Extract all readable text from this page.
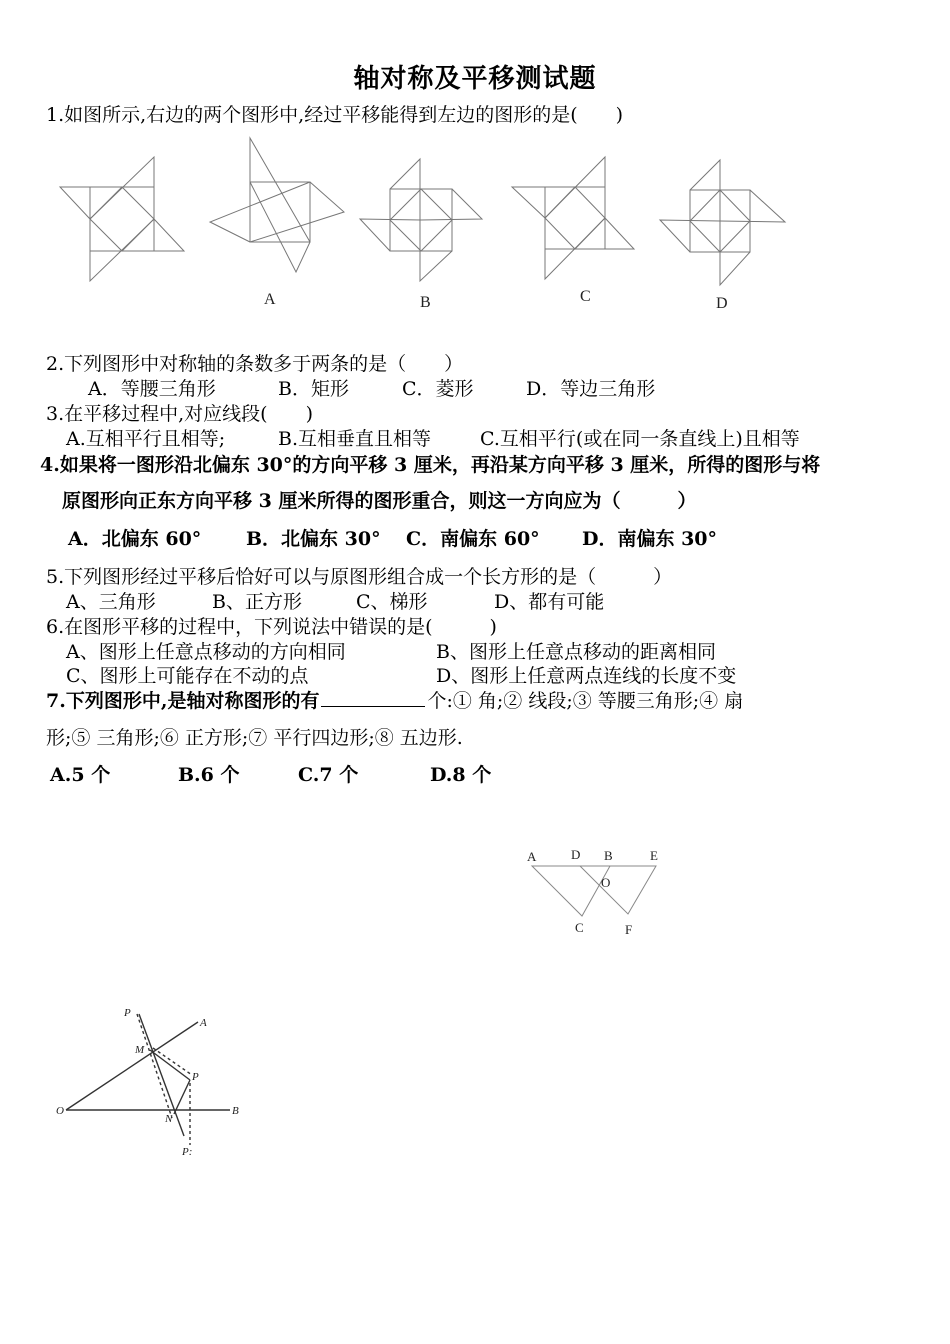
轴对称及平移测试题
1.如图所示,右边的两个图形中,经过平移能得到左边的图形的是(　　)
A	B	C	D
2.下列图形中对称轴的条数多于两条的是（　　）
A．等腰三角形	B．矩形	C．菱形	D．等边三角形
3.在平移过程中,对应线段(　　)
A.互相平行且相等;	B.互相垂直且相等	C.互相平行(或在同一条直线上)且相等
4.如果将一图形沿北偏东 30°的方向平移 3 厘米，再沿某方向平移 3 厘米，所得的图形与将
原图形向正东方向平移 3 厘米所得的图形重合，则这一方向应为（　　　）
A．北偏东 60° B．北偏东 30° C．南偏东 60° D．南偏东 30°
5.下列图形经过平移后恰好可以与原图形组合成一个长方形的是（　　　）
A、三角形	B、正方形	C、梯形	D、都有可能
6.在图形平移的过程中，下列说法中错误的是(　　　)
A、图形上任意点移动的方向相同	B、图形上任意点移动的距离相同
C、图形上可能存在不动的点	D、图形上任意两点连线的长度不变
7.下列图形中,是轴对称图形的有	个:① 角;② 线段;③ 等腰三角形;④ 扇
形;⑤ 三角形;⑥ 正方形;⑦ 平行四边形;⑧ 五边形.
A.5 个	B.6 个	C.7 个	D.8 个
A	D B	E
O
C	F
P
A
M
P
O
N
B
P:
